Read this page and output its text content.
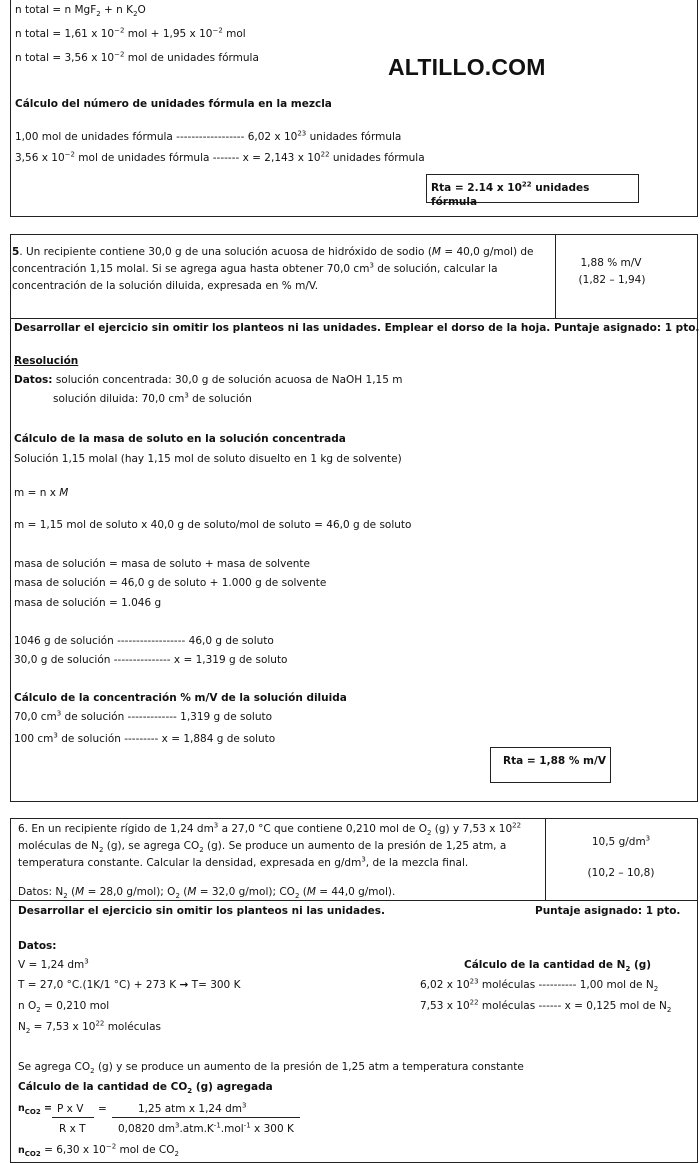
n total = n MgF$_2$ + n $K_2O$
n total = 1,61 x $10^{-2}$ mol + 1,95 x $10^{-2}$ mol
n total = 3,56 x $10^{-2}$ mol de unidades fórmula	ALTILLO.COM
Cálculo del número de unidades fórmula en la mezcla
1,00 mol de unidades fórmula ------------------ 6,02 x $10^{23}$ unidades fórmula
3,56 x $10^{-2}$ mol de unidades fórmula ------- x = 2,143 x $10^{22}$ unidades fórmula
Rta = 2.14 x $10^{22}$ unidades fórmula
5. Un recipiente contiene 30,0 g de una solución acuosa de hidróxido de sodio (M = 40,0 g/mol) de
concentración 1,15 molal. Si se agrega agua hasta obtener 70,0 $cm^3$ de solución, calcular la
concentración de la solución diluida, expresada en % m/V.
1,88 % m/V
(1,82 – 1,94)
Desarrollar el ejercicio sin omitir los planteos ni las unidades. Emplear el dorso de la hoja. Puntaje asignado: 1 pto.
Resolución
Datos: solución concentrada: 30,0 g de solución acuosa de NaOH 1,15 m
solución diluida: 70,0 $cm^3$ de solución
Cálculo de la masa de soluto en la solución concentrada
Solución 1,15 molal (hay 1,15 mol de soluto disuelto en 1 kg de solvente)
m = n x M
m = 1,15 mol de soluto x 40,0 g de soluto/mol de soluto = 46,0 g de soluto
masa de solución = masa de soluto + masa de solvente
masa de solución = 46,0 g de soluto + 1.000 g de solvente
masa de solución = 1.046 g
1046 g de solución ------------------ 46,0 g de soluto
30,0 g de solución --------------- x = 1,319 g de soluto
Cálculo de la concentración % m/V de la solución diluida
70,0 $cm^3$ de solución ------------- 1,319 g de soluto
100 $cm^3$ de solución --------- x = 1,884 g de soluto
Rta = 1,88 % m/V
6. En un recipiente rígido de 1,24 $dm^3$ a 27,0 °C que contiene 0,210 mol de $O_2$ (g) y 7,53 x $10^{22}$
moléculas de $N_2$ (g), se agrega $CO_2$ (g). Se produce un aumento de la presión de 1,25 atm, a
temperatura constante. Calcular la densidad, expresada en $g/dm^3$, de la mezcla final.
Datos: $N_2$ (M = 28,0 g/mol); $O_2$ (M = 32,0 g/mol); $CO_2$ (M = 44,0 g/mol).
10,5 $g/dm^3$
(10,2 – 10,8)
Desarrollar el ejercicio sin omitir los planteos ni las unidades.	Puntaje asignado: 1 pto.
Datos:
V = 1,24 $dm^3$
T = 27,0 °C.(1K/1 °C) + 273 K → T= 300 K
n $O_2 = 0,210$ mol
$N_2 = 7,53$ x $10^{22}$ moléculas
Cálculo de la cantidad de $N_2$ (g)
6,02 x $10^{23}$ moléculas ---------- 1,00 mol de $N_2$
7,53 x $10^{22}$ moléculas ------ x = 0,125 mol de $N_2$
Se agrega $CO_2$ (g) y se produce un aumento de la presión de 1,25 atm a temperatura constante
Cálculo de la cantidad de $CO_2$ (g) agregada
$n_{CO2} = P$ x V
R x T
=	1,25 atm x 1,24 $dm^3$
0,0820 $dm^3.atm.K^{-1}.mol^{-1}$ x 300 K
$n_{CO2} = 6,30$ x $10^{-2}$ mol de $CO_2$
